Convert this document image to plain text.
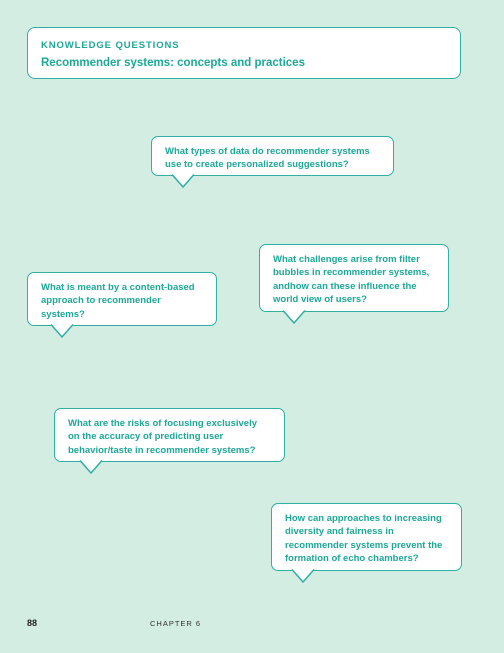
KNOWLEDGE QUESTIONS
Recommender systems: concepts and practices
What types of data do recommender systems use to create personalized suggestions?
What challenges arise from filter bubbles in recommender systems, andhow can these influence the world view of users?
What is meant by a content-based approach to recommender systems?
What are the risks of focusing exclusively on the accuracy of predicting user behavior/taste in recommender systems?
How can approaches to increasing diversity and fairness in recommender systems prevent the formation of echo chambers?
88	CHAPTER 6
